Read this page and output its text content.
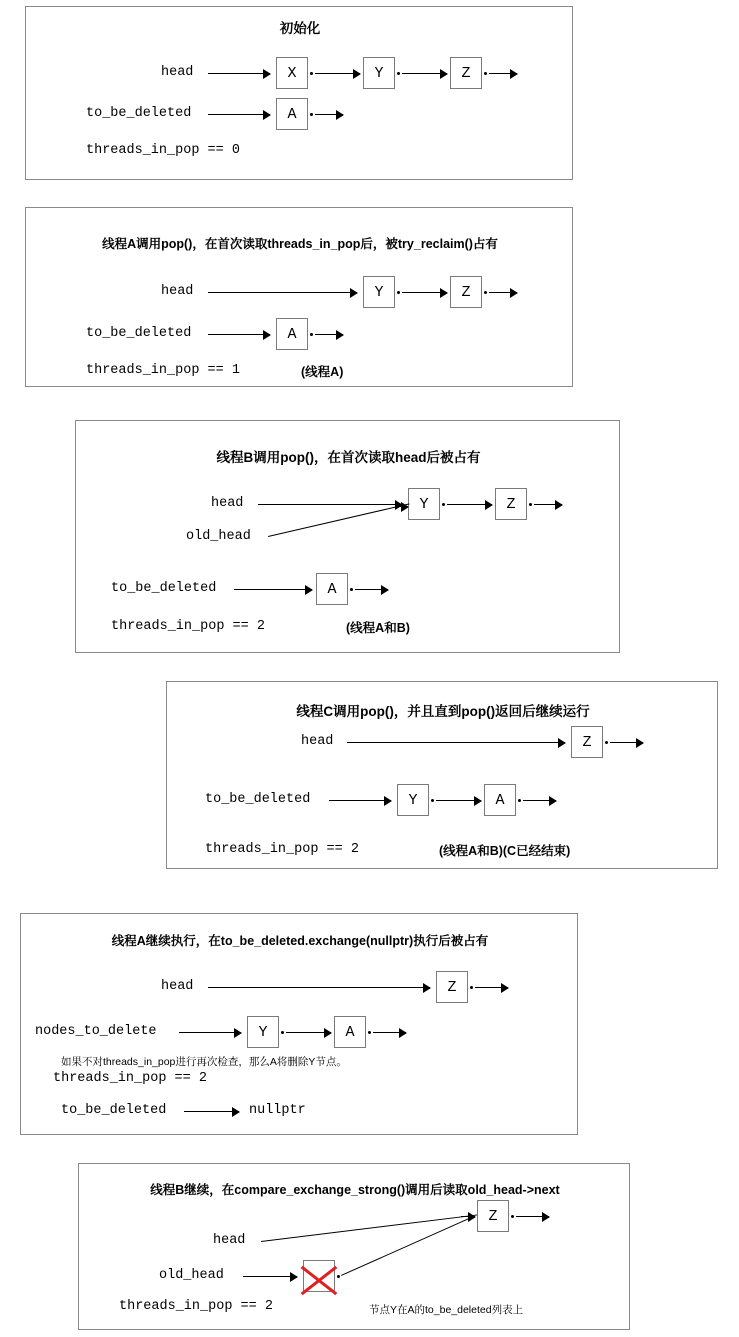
初始化
head	X	Y	Z
to_be_deleted	A
threads_in_pop == 0
线程A调用pop()，在首次读取threads_in_pop后，被try_reclaim()占有
head	Y	Z
to_be_deleted	A
threads_in_pop == 1	(线程A)
线程B调用pop()，在首次读取head后被占有
head	Y	Z
old_head
to_be_deleted	A
threads_in_pop == 2	(线程A和B)
线程C调用pop()，并且直到pop()返回后继续运行
head	Z
to_be_deleted	Y	A
threads_in_pop == 2	(线程A和B)(C已经结束)
线程A继续执行，在to_be_deleted.exchange(nullptr)执行后被占有
head	Z
nodes_to_delete	Y	A
如果不对threads_in_pop进行再次检查，那么A将删除Y节点。
threads_in_pop == 2
to_be_deleted	nullptr
线程B继续，在compare_exchange_strong()调用后读取old_head->next
head
Z
old_head
threads_in_pop == 2	节点Y在A的to_be_deleted列表上
